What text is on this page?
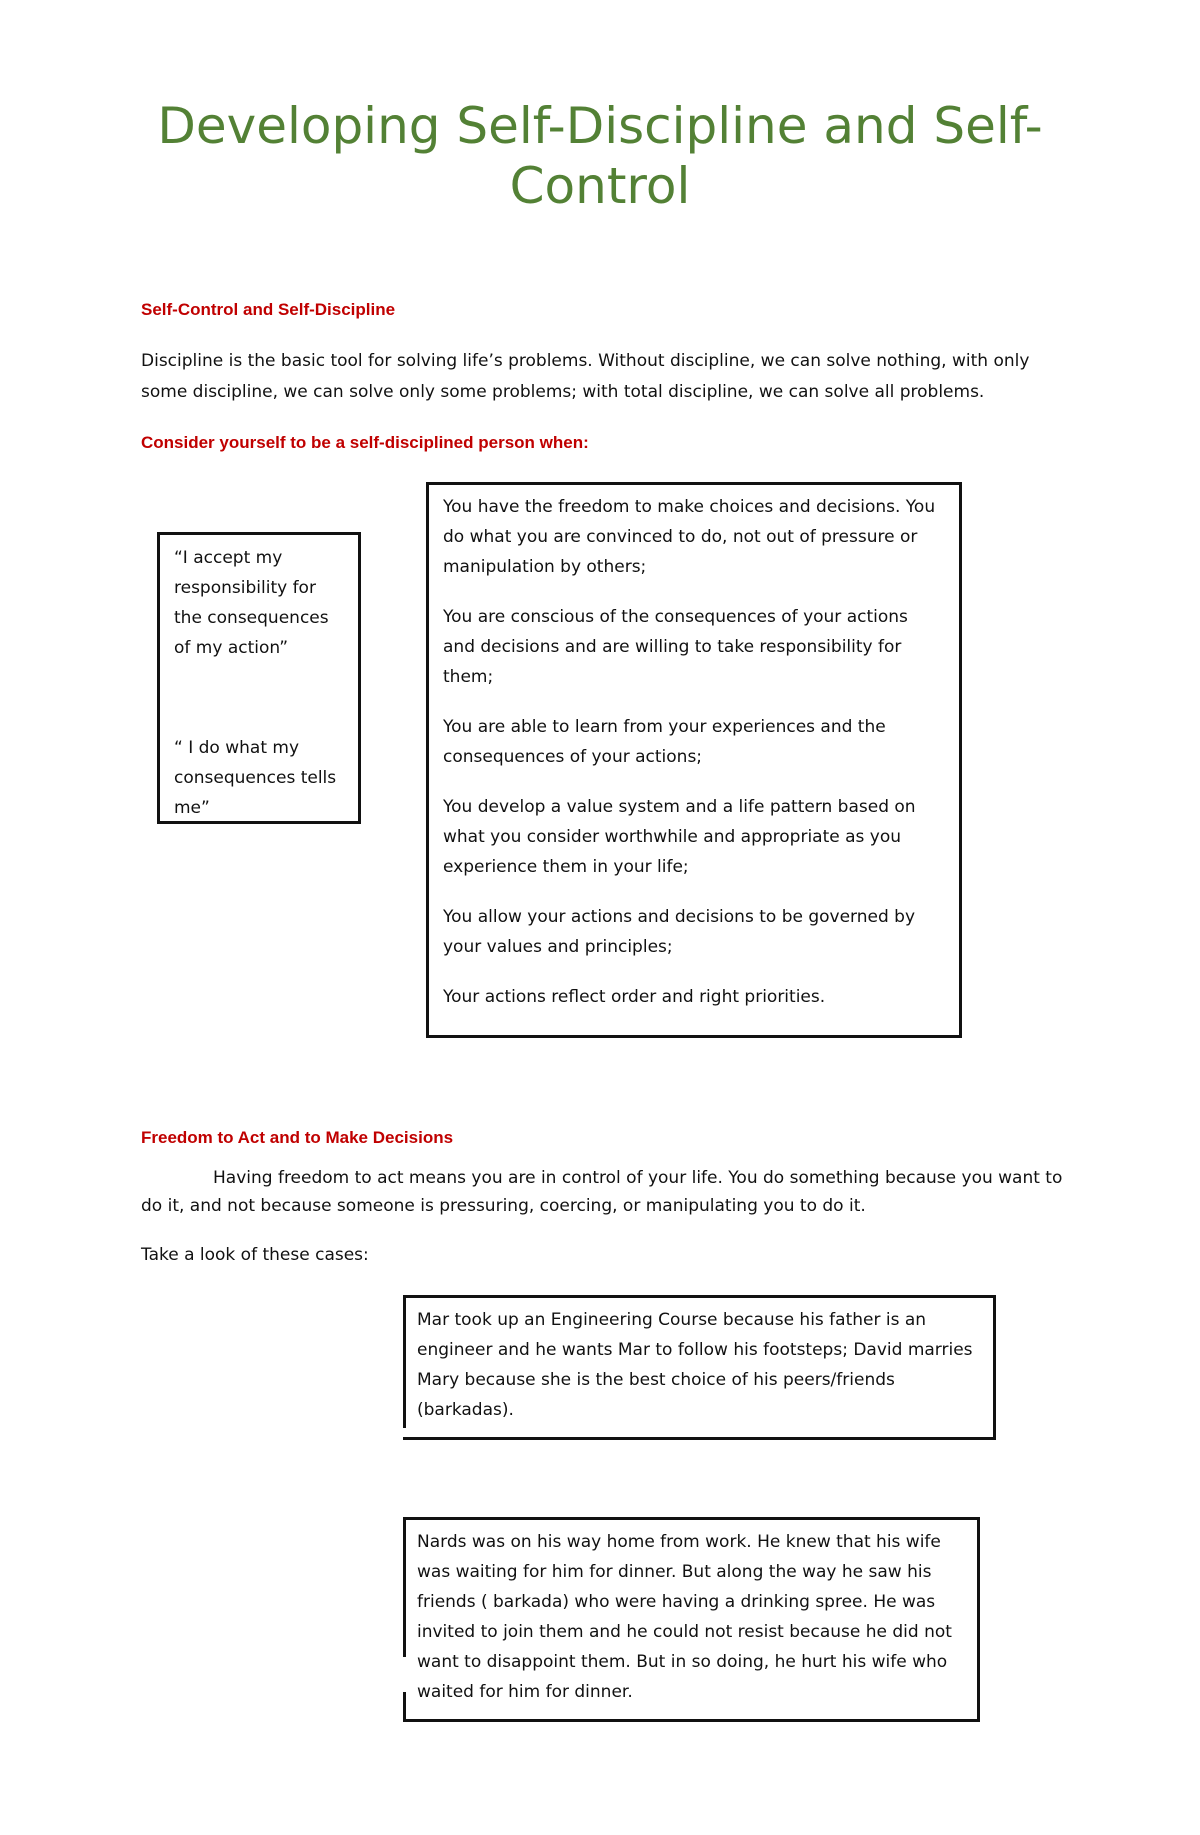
Developing Self-Discipline and Self-Control
Self-Control and Self-Discipline

Discipline is the basic tool for solving life’s problems. Without discipline, we can solve nothing, with only some discipline, we can solve only some problems; with total discipline, we can solve all problems.

Consider yourself to be a self-disciplined person when:

“I accept my responsibility for the consequences of my action”

“ I do what my consequences tells me”

You have the freedom to make choices and decisions. You do what you are convinced to do, not out of pressure or manipulation by others;

You are conscious of the consequences of your actions and decisions and are willing to take responsibility for them;

You are able to learn from your experiences and the consequences of your actions;

You develop a value system and a life pattern based on what you consider worthwhile and appropriate as you experience them in your life;

You allow your actions and decisions to be governed by your values and principles;

Your actions reflect order and right priorities.

Freedom to Act and to Make Decisions

Having freedom to act means you are in control of your life. You do something because you want to do it, and not because someone is pressuring, coercing, or manipulating you to do it.

Take a look of these cases:

Mar took up an Engineering Course because his father is an engineer and he wants Mar to follow his footsteps; David marries Mary because she is the best choice of his peers/friends (barkadas).

Nards was on his way home from work. He knew that his wife was waiting for him for dinner. But along the way he saw his friends ( barkada) who were having a drinking spree. He was invited to join them and he could not resist because he did not want to disappoint them. But in so doing, he hurt his wife who waited for him for dinner.
